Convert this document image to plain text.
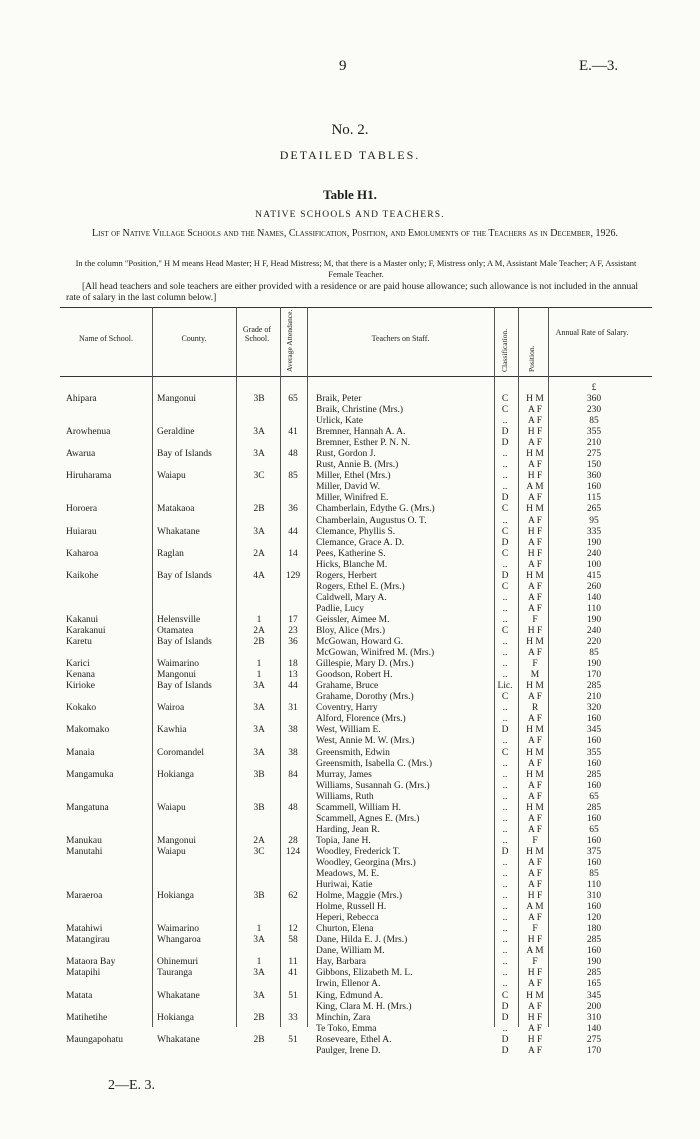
9	E.—3.
No. 2.
DETAILED TABLES.
Table H1.
NATIVE SCHOOLS AND TEACHERS.
List of Native Village Schools and the Names, Classification, Position, and Emoluments of the Teachers as in December, 1926.
In the column "Position," H M means Head Master; H F, Head Mistress; M, that there is a Master only; F, Mistress only; A M, Assistant Male Teacher; A F, Assistant Female Teacher.
[All head teachers and sole teachers are either provided with a residence or are paid house allowance; such allowance is not included in the annual rate of salary in the last column below.]
Name of School.	County.
Grade of School.	Average Attendance.	Teachers on Staff.	Classification. Position.
Annual Rate of Salary.
£
Ahipara	Mangonui	3B	65	Braik, Peter	C	H M	360
Braik, Christine (Mrs.)	C	A F	230
Urlick, Kate	..	A F	85
Arowhenua	Geraldine	3A	41	Bremner, Hannah A. A.	D	H F	355
Bremner, Esther P. N. N.	D	A F	210
Awarua	Bay of Islands	3A	48	Rust, Gordon J.	..	H M	275
Rust, Annie B. (Mrs.)	..	A F	150
Hiruharama	Waiapu	3C	85	Miller, Ethel (Mrs.)	..	H F	360
Miller, David W.	..	A M	160
Miller, Winifred E.	D	A F	115
Horoera	Matakaoa	2B	36	Chamberlain, Edythe G. (Mrs.)	C	H M	265
Chamberlain, Augustus O. T.	..	A F	95
Huiarau	Whakatane	3A	44	Clemance, Phyllis S.	C	H F	335
Clemance, Grace A. D.	D	A F	190
Kaharoa	Raglan	2A	14	Pees, Katherine S.	C	H F	240
Hicks, Blanche M.	..	A F	100
Kaikohe	Bay of Islands	4A	129	Rogers, Herbert	D	H M	415
Rogers, Ethel E. (Mrs.)	C	A F	260
Caldwell, Mary A.	..	A F	140
Padlie, Lucy	..	A F	110
Kakanui	Helensville	1	17	Geissler, Aimee M.	..	F	190
Karakanui	Otamatea	2A	23	Bloy, Alice (Mrs.)	C	H F	240
Karetu	Bay of Islands	2B	36	McGowan, Howard G.	..	H M	220
McGowan, Winifred M. (Mrs.)	..	A F	85
Karici	Waimarino	1	18	Gillespie, Mary D. (Mrs.)	..	F	190
Kenana	Mangonui	1	13	Goodson, Robert H.	..	M	170
Kirioke	Bay of Islands	3A	44	Grahame, Bruce	Lic.	H M	285
Grahame, Dorothy (Mrs.)	C	A F	210
Kokako	Wairoa	3A	31	Coventry, Harry	..	R	320
Alford, Florence (Mrs.)	..	A F	160
Makomako	Kawhia	3A	38	West, William E.	D	H M	345
West, Annie M. W. (Mrs.)	..	A F	160
Manaia	Coromandel	3A	38	Greensmith, Edwin	C	H M	355
Greensmith, Isabella C. (Mrs.)	..	A F	160
Mangamuka	Hokianga	3B	84	Murray, James	..	H M	285
Williams, Susannah G. (Mrs.)	..	A F	160
Williams, Ruth	..	A F	65
Mangatuna	Waiapu	3B	48	Scammell, William H.	..	H M	285
Scammell, Agnes E. (Mrs.)	..	A F	160
Harding, Jean R.	..	A F	65
Manukau	Mangonui	2A	28	Topia, Jane H.	..	F	160
Manutahi	Waiapu	3C	124	Woodley, Frederick T.	D	H M	375
Woodley, Georgina (Mrs.)	..	A F	160
Meadows, M. E.	..	A F	85
Huriwai, Katie	..	A F	110
Maraeroa	Hokianga	3B	62	Holme, Maggie (Mrs.)	..	H F	310
Holme, Russell H.	..	A M	160
Heperi, Rebecca	..	A F	120
Matahiwi	Waimarino	1	12	Churton, Elena	..	F	180
Matangirau	Whangaroa	3A	58	Dane, Hilda E. J. (Mrs.)	..	H F	285
Dane, William M.	..	A M	160
Mataora Bay	Ohinemuri	1	11	Hay, Barbara	..	F	190
Matapihi	Tauranga	3A	41	Gibbons, Elizabeth M. L.	..	H F	285
Irwin, Ellenor A.	..	A F	165
Matata	Whakatane	3A	51	King, Edmund A.	C	H M	345
King, Clara M. H. (Mrs.)	D	A F	200
Matihetihe	Hokianga	2B	33	Minchin, Zara	D	H F	310
Te Toko, Emma	..	A F	140
Maungapohatu	Whakatane	2B	51	Roseveare, Ethel A.	D	H F	275
Paulger, Irene D.	D	A F	170
2—E. 3.
